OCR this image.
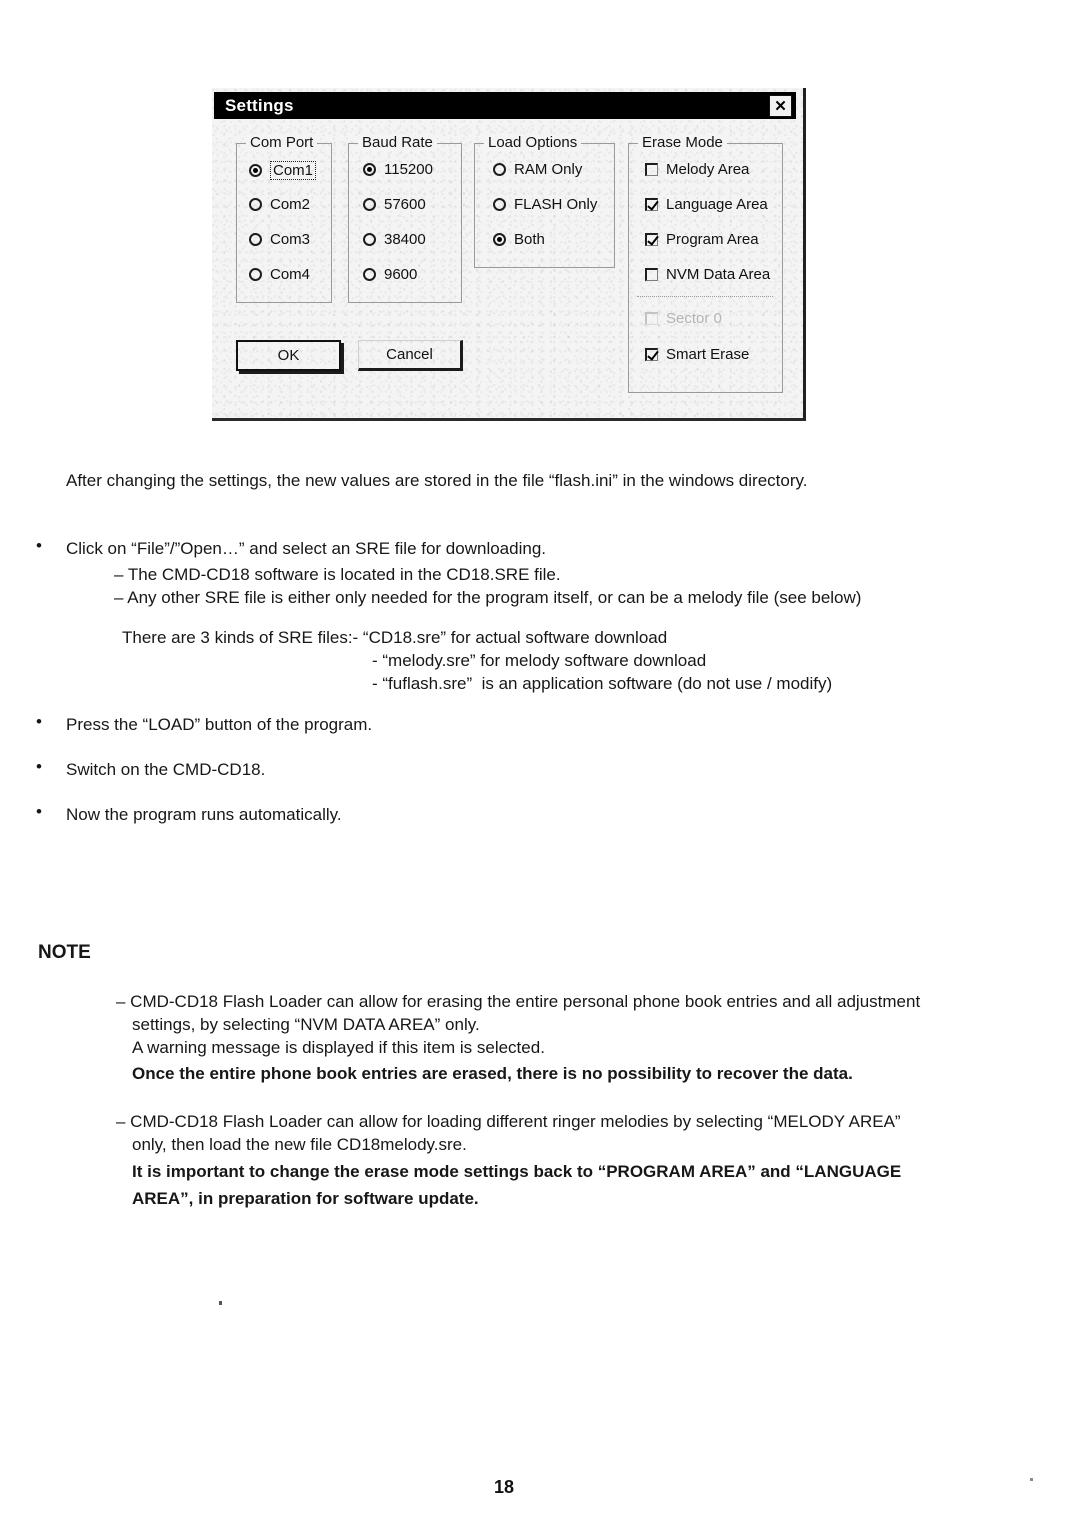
Settings	✕
Com Port
Com1
Com2
Com3
Com4
Baud Rate
115200
57600
38400
9600
Load Options
RAM Only
FLASH Only
Both
Erase Mode
Melody Area
Language Area
Program Area
NVM Data Area
Sector 0
Smart Erase
OK	Cancel
After changing the settings, the new values are stored in the file “flash.ini” in the windows directory.
• Click on “File”/”Open…” and select an SRE file for downloading.
– The CMD-CD18 software is located in the CD18.SRE file.
– Any other SRE file is either only needed for the program itself, or can be a melody file (see below)
There are 3 kinds of SRE files:- “CD18.sre” for actual software download
- “melody.sre” for melody software download
- “fuflash.sre”  is an application software (do not use / modify)
• Press the “LOAD” button of the program.
• Switch on the CMD-CD18.
• Now the program runs automatically.
NOTE
– CMD-CD18 Flash Loader can allow for erasing the entire personal phone book entries and all adjustment
settings, by selecting “NVM DATA AREA” only.
A warning message is displayed if this item is selected.
Once the entire phone book entries are erased, there is no possibility to recover the data.
– CMD-CD18 Flash Loader can allow for loading different ringer melodies by selecting “MELODY AREA”
only, then load the new file CD18melody.sre.
It is important to change the erase mode settings back to “PROGRAM AREA” and “LANGUAGE
AREA”, in preparation for software update.
18
